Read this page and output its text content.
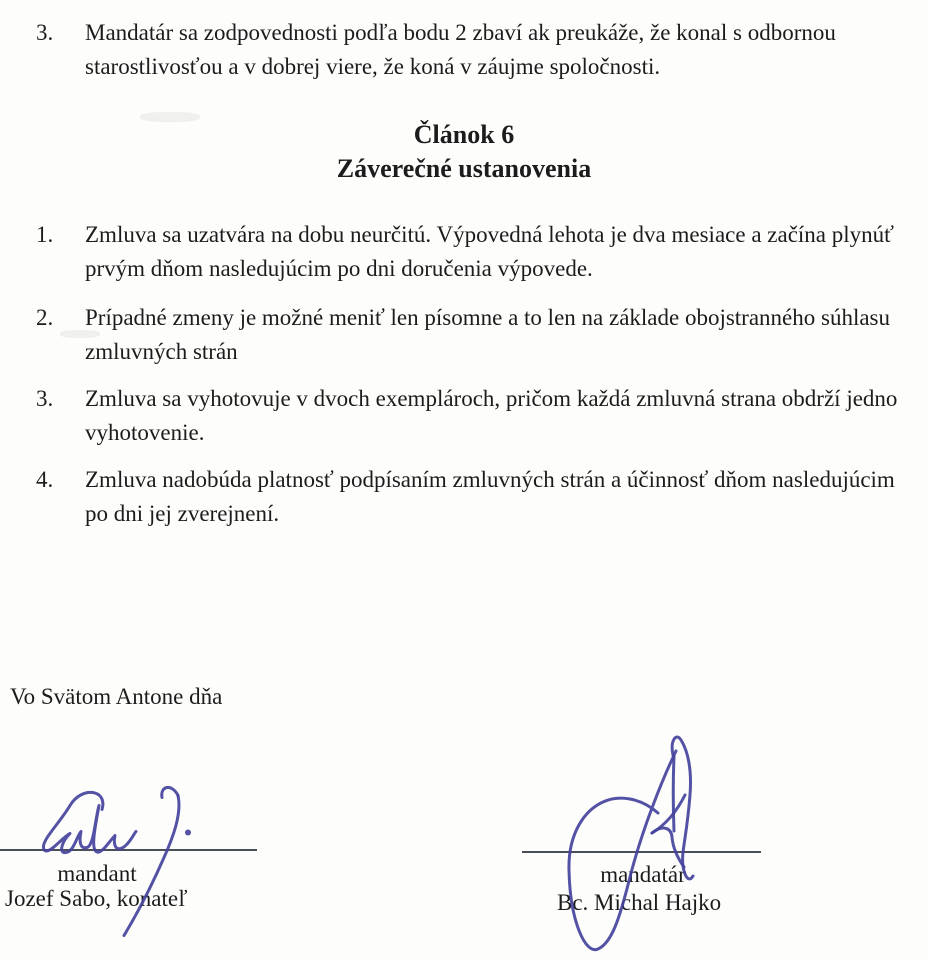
3.	Mandatár sa zodpovednosti podľa bodu 2 zbaví ak preukáže, že konal s odbornou starostlivosťou a v dobrej viere, že koná v záujme spoločnosti.
Článok 6
Záverečné ustanovenia
1.	Zmluva sa uzatvára na dobu neurčitú. Výpovedná lehota je dva mesiace a začína plynúť prvým dňom nasledujúcim po dni doručenia výpovede.
2.	Prípadné zmeny je možné meniť len písomne a to len na základe obojstranného súhlasu zmluvných strán
3.	Zmluva sa vyhotovuje v dvoch exemplároch, pričom každá zmluvná strana obdrží jedno vyhotovenie.
4.	Zmluva nadobúda platnosť podpísaním zmluvných strán a účinnosť dňom nasledujúcim po dni jej zverejnení.
Vo Svätom Antone dňa
mandant
Jozef Sabo, konateľ
mandatár
Bc. Michal Hajko
